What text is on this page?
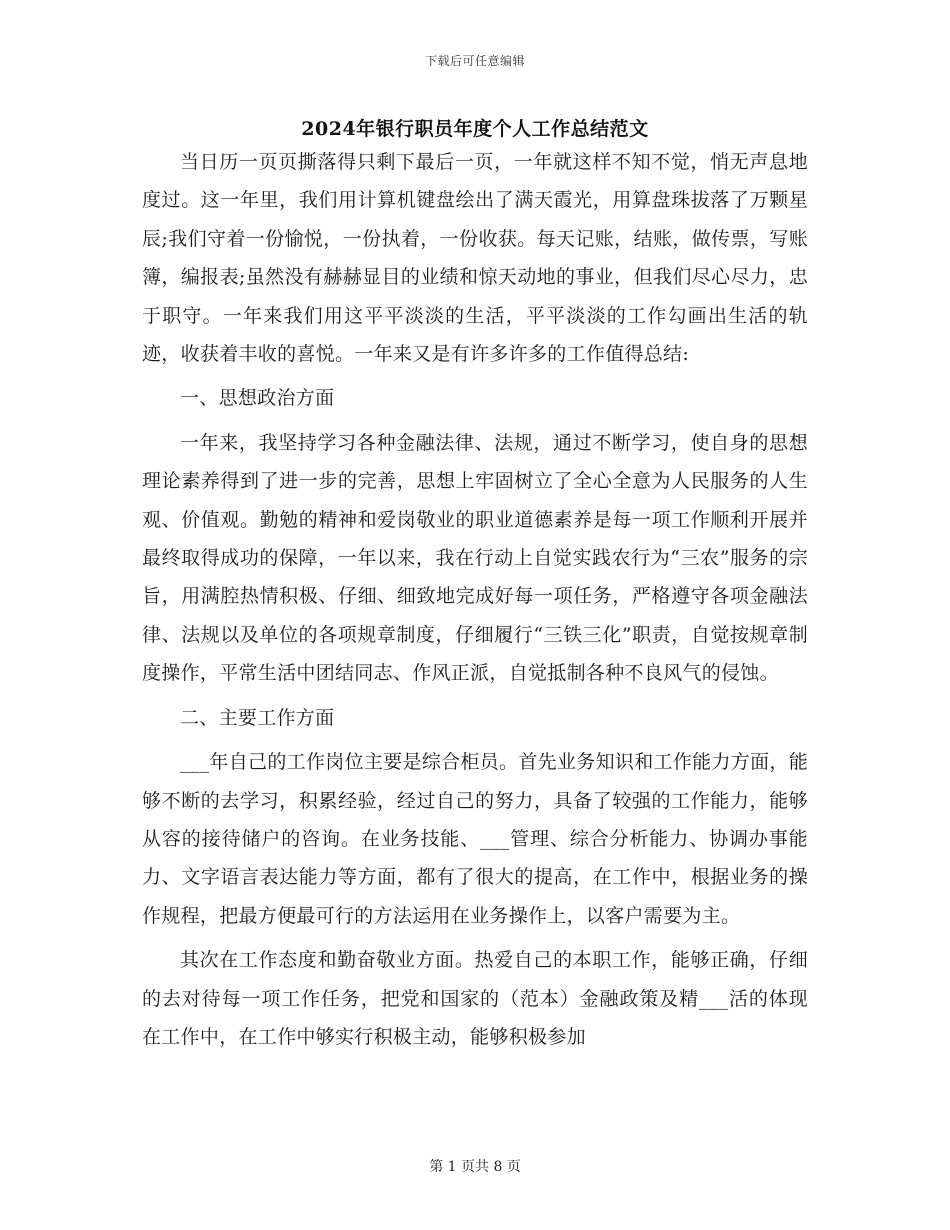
下载后可任意编辑
2024年银行职员年度个人工作总结范文

当日历一页页撕落得只剩下最后一页，一年就这样不知不觉，悄无声息地度过。这一年里，我们用计算机键盘绘出了满天霞光，用算盘珠拔落了万颗星辰;我们守着一份愉悦，一份执着，一份收获。每天记账，结账，做传票，写账簿，编报表;虽然没有赫赫显目的业绩和惊天动地的事业，但我们尽心尽力，忠于职守。一年来我们用这平平淡淡的生活，平平淡淡的工作勾画出生活的轨迹，收获着丰收的喜悦。一年来又是有许多许多的工作值得总结:

一、思想政治方面

一年来，我坚持学习各种金融法律、法规，通过不断学习，使自身的思想理论素养得到了进一步的完善，思想上牢固树立了全心全意为人民服务的人生观、价值观。勤勉的精神和爱岗敬业的职业道德素养是每一项工作顺利开展并最终取得成功的保障，一年以来，我在行动上自觉实践农行为“三农”服务的宗旨，用满腔热情积极、仔细、细致地完成好每一项任务，严格遵守各项金融法律、法规以及单位的各项规章制度，仔细履行“三铁三化”职责，自觉按规章制度操作，平常生活中团结同志、作风正派，自觉抵制各种不良风气的侵蚀。

二、主要工作方面

___年自己的工作岗位主要是综合柜员。首先业务知识和工作能力方面，能够不断的去学习，积累经验，经过自己的努力，具备了较强的工作能力，能够从容的接待储户的咨询。在业务技能、___管理、综合分析能力、协调办事能力、文字语言表达能力等方面，都有了很大的提高，在工作中，根据业务的操作规程，把最方便最可行的方法运用在业务操作上，以客户需要为主。

其次在工作态度和勤奋敬业方面。热爱自己的本职工作，能够正确，仔细的去对待每一项工作任务，把党和国家的（范本）金融政策及精___活的体现在工作中，在工作中够实行积极主动，能够积极参加

第 1 页共 8 页
